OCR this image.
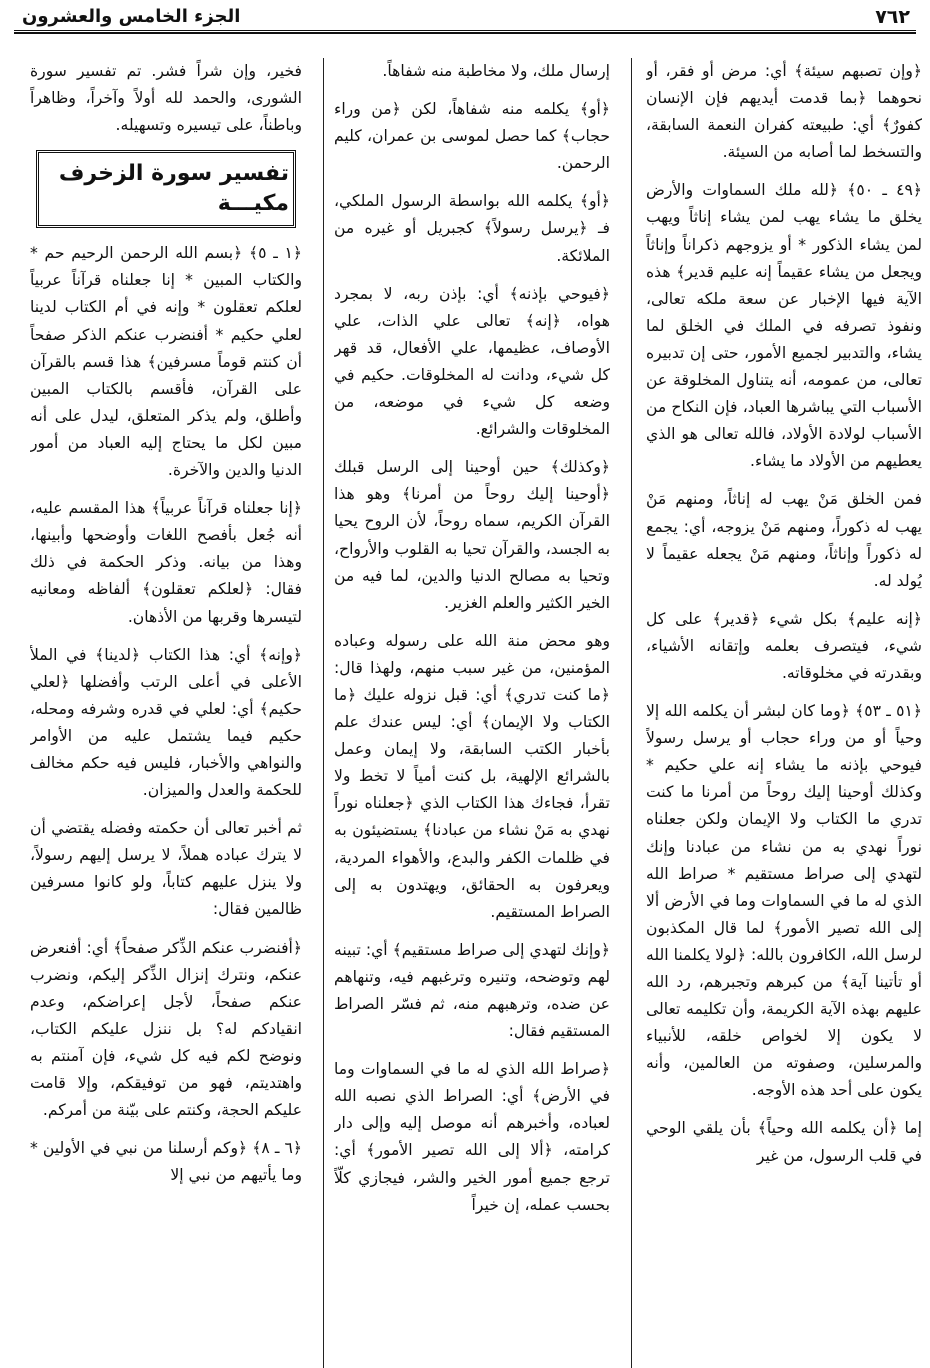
٧٦٢
الجزء الخامس والعشرون

﴿وإن تصبهم سيئة﴾ أي: مرض أو فقر، أو نحوهما ﴿بما قدمت أيديهم فإن الإنسان كفورٌ﴾ أي: طبيعته كفران النعمة السابقة، والتسخط لما أصابه من السيئة.

﴿٤٩ ـ ٥٠﴾ ﴿لله ملك السماوات والأرض يخلق ما يشاء يهب لمن يشاء إناثاً ويهب لمن يشاء الذكور * أو يزوجهم ذكراناً وإناثاً ويجعل من يشاء عقيماً إنه عليم قدير﴾ هذه الآية فيها الإخبار عن سعة ملكه تعالى، ونفوذ تصرفه في الملك في الخلق لما يشاء، والتدبير لجميع الأمور، حتى إن تدبيره تعالى، من عمومه، أنه يتناول المخلوقة عن الأسباب التي يباشرها العباد، فإن النكاح من الأسباب لولادة الأولاد، فالله تعالى هو الذي يعطيهم من الأولاد ما يشاء.

فمن الخلق مَنْ يهب له إناثاً، ومنهم مَنْ يهب له ذكوراً، ومنهم مَنْ يزوجه، أي: يجمع له ذكوراً وإناثاً، ومنهم مَنْ يجعله عقيماً لا يُولد له.

﴿إنه عليم﴾ بكل شيء ﴿قدير﴾ على كل شيء، فيتصرف بعلمه وإتقانه الأشياء، وبقدرته في مخلوقاته.

﴿٥١ ـ ٥٣﴾ ﴿وما كان لبشر أن يكلمه الله إلا وحياً أو من وراء حجاب أو يرسل رسولاً فيوحي بإذنه ما يشاء إنه علي حكيم * وكذلك أوحينا إليك روحاً من أمرنا ما كنت تدري ما الكتاب ولا الإيمان ولكن جعلناه نوراً نهدي به من نشاء من عبادنا وإنك لتهدي إلى صراط مستقيم * صراط الله الذي له ما في السماوات وما في الأرض ألا إلى الله تصير الأمور﴾ لما قال المكذبون لرسل الله، الكافرون بالله: ﴿لولا يكلمنا الله أو تأتينا آية﴾ من كبرهم وتجبرهم، رد الله عليهم بهذه الآية الكريمة، وأن تكليمه تعالى لا يكون إلا لخواص خلقه، للأنبياء والمرسلين، وصفوته من العالمين، وأنه يكون على أحد هذه الأوجه.

إما ﴿أن يكلمه الله وحياً﴾ بأن يلقي الوحي في قلب الرسول، من غير

إرسال ملك، ولا مخاطبة منه شفاهاً.

﴿أو﴾ يكلمه منه شفاهاً، لكن ﴿من وراء حجاب﴾ كما حصل لموسى بن عمران، كليم الرحمن.

﴿أو﴾ يكلمه الله بواسطة الرسول الملكي، فـ ﴿يرسل رسولاً﴾ كجبريل أو غيره من الملائكة.

﴿فيوحي بإذنه﴾ أي: بإذن ربه، لا بمجرد هواه، ﴿إنه﴾ تعالى علي الذات، علي الأوصاف، عظيمها، علي الأفعال، قد قهر كل شيء، ودانت له المخلوقات. حكيم في وضعه كل شيء في موضعه، من المخلوقات والشرائع.

﴿وكذلك﴾ حين أوحينا إلى الرسل قبلك ﴿أوحينا إليك روحاً من أمرنا﴾ وهو هذا القرآن الكريم، سماه روحاً، لأن الروح يحيا به الجسد، والقرآن تحيا به القلوب والأرواح، وتحيا به مصالح الدنيا والدين، لما فيه من الخير الكثير والعلم الغزير.

وهو محض منة الله على رسوله وعباده المؤمنين، من غير سبب منهم، ولهذا قال: ﴿ما كنت تدري﴾ أي: قبل نزوله عليك ﴿ما الكتاب ولا الإيمان﴾ أي: ليس عندك علم بأخبار الكتب السابقة، ولا إيمان وعمل بالشرائع الإلهية، بل كنت أمياً لا تخط ولا تقرأ، فجاءك هذا الكتاب الذي ﴿جعلناه نوراً نهدي به مَنْ نشاء من عبادنا﴾ يستضيئون به في ظلمات الكفر والبدع، والأهواء المردية، ويعرفون به الحقائق، ويهتدون به إلى الصراط المستقيم.

﴿وإنك لتهدي إلى صراط مستقيم﴾ أي: تبينه لهم وتوضحه، وتنيره وترغبهم فيه، وتنهاهم عن ضده، وترهبهم منه، ثم فسّر الصراط المستقيم فقال:

﴿صراط الله الذي له ما في السماوات وما في الأرض﴾ أي: الصراط الذي نصبه الله لعباده، وأخبرهم أنه موصل إليه وإلى دار كرامته، ﴿ألا إلى الله تصير الأمور﴾ أي: ترجع جميع أمور الخير والشر، فيجازي كلّاً بحسب عمله، إن خيراً

فخير، وإن شراً فشر. تم تفسير سورة الشورى، والحمد لله أولاً وآخراً، وظاهراً وباطناً، على تيسيره وتسهيله.

تفسير سورة الزخرف
مكيـــة

﴿١ ـ ٥﴾ ﴿بسم الله الرحمن الرحيم حم * والكتاب المبين * إنا جعلناه قرآناً عربياً لعلكم تعقلون * وإنه في أم الكتاب لدينا لعلي حكيم * أفنضرب عنكم الذكر صفحاً أن كنتم قوماً مسرفين﴾ هذا قسم بالقرآن على القرآن، فأقسم بالكتاب المبين وأطلق، ولم يذكر المتعلق، ليدل على أنه مبين لكل ما يحتاج إليه العباد من أمور الدنيا والدين والآخرة.

﴿إنا جعلناه قرآناً عربياً﴾ هذا المقسم عليه، أنه جُعل بأفصح اللغات وأوضحها وأبينها، وهذا من بيانه. وذكر الحكمة في ذلك فقال: ﴿لعلكم تعقلون﴾ ألفاظه ومعانيه لتيسرها وقربها من الأذهان.

﴿وإنه﴾ أي: هذا الكتاب ﴿لدينا﴾ في الملأ الأعلى في أعلى الرتب وأفضلها ﴿لعلي حكيم﴾ أي: لعلي في قدره وشرفه ومحله، حكيم فيما يشتمل عليه من الأوامر والنواهي والأخبار، فليس فيه حكم مخالف للحكمة والعدل والميزان.

ثم أخبر تعالى أن حكمته وفضله يقتضي أن لا يترك عباده هملاً، لا يرسل إليهم رسولاً، ولا ينزل عليهم كتاباً، ولو كانوا مسرفين ظالمين فقال:

﴿أفنضرب عنكم الذِّكر صفحاً﴾ أي: أفنعرض عنكم، ونترك إنزال الذِّكر إليكم، ونضرب عنكم صفحاً، لأجل إعراضكم، وعدم انقيادكم له؟ بل ننزل عليكم الكتاب، ونوضح لكم فيه كل شيء، فإن آمنتم به واهتديتم، فهو من توفيقكم، وإلا قامت عليكم الحجة، وكنتم على بيّنة من أمركم.

﴿٦ ـ ٨﴾ ﴿وكم أرسلنا من نبي في الأولين * وما يأتيهم من نبي إلا
